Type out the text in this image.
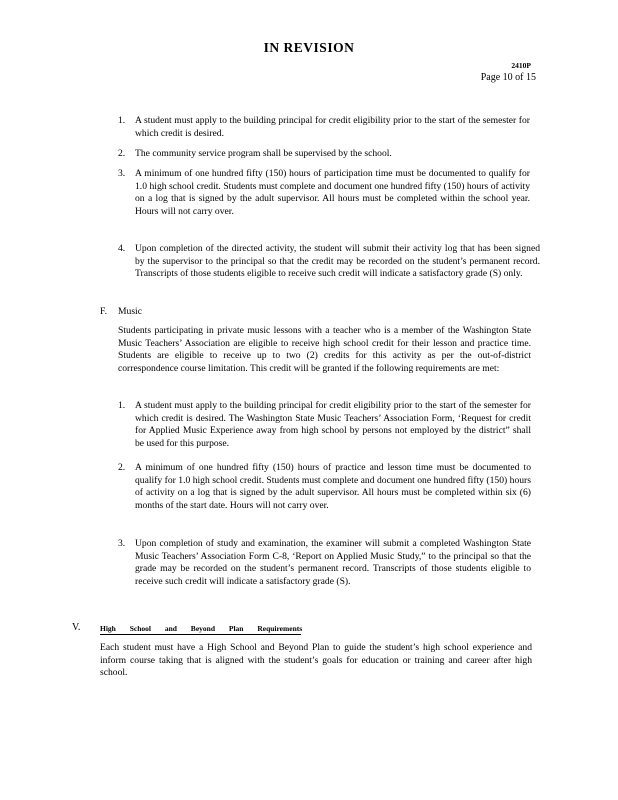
IN REVISION
2410P
Page 10 of 15
1. A student must apply to the building principal for credit eligibility prior to the start of the semester for which credit is desired.
2. The community service program shall be supervised by the school.
3. A minimum of one hundred fifty (150) hours of participation time must be documented to qualify for 1.0 high school credit. Students must complete and document one hundred fifty (150) hours of activity on a log that is signed by the adult supervisor. All hours must be completed within the school year. Hours will not carry over.
4. Upon completion of the directed activity, the student will submit their activity log that has been signed by the supervisor to the principal so that the credit may be recorded on the student’s permanent record. Transcripts of those students eligible to receive such credit will indicate a satisfactory grade (S) only.
F. Music
Students participating in private music lessons with a teacher who is a member of the Washington State Music Teachers’ Association are eligible to receive high school credit for their lesson and practice time. Students are eligible to receive up to two (2) credits for this activity as per the out-of-district correspondence course limitation. This credit will be granted if the following requirements are met:
1. A student must apply to the building principal for credit eligibility prior to the start of the semester for which credit is desired. The Washington State Music Teachers’ Association Form, ‘Request for credit for Applied Music Experience away from high school by persons not employed by the district” shall be used for this purpose.
2. A minimum of one hundred fifty (150) hours of practice and lesson time must be documented to qualify for 1.0 high school credit. Students must complete and document one hundred fifty (150) hours of activity on a log that is signed by the adult supervisor. All hours must be completed within six (6) months of the start date. Hours will not carry over.
3. Upon completion of study and examination, the examiner will submit a completed Washington State Music Teachers’ Association Form C-8, ‘Report on Applied Music Study,” to the principal so that the grade may be recorded on the student’s permanent record. Transcripts of those students eligible to receive such credit will indicate a satisfactory grade (S).
V.	High School and Beyond Plan Requirements
Each student must have a High School and Beyond Plan to guide the student’s high school experience and inform course taking that is aligned with the student’s goals for education or training and career after high school.
